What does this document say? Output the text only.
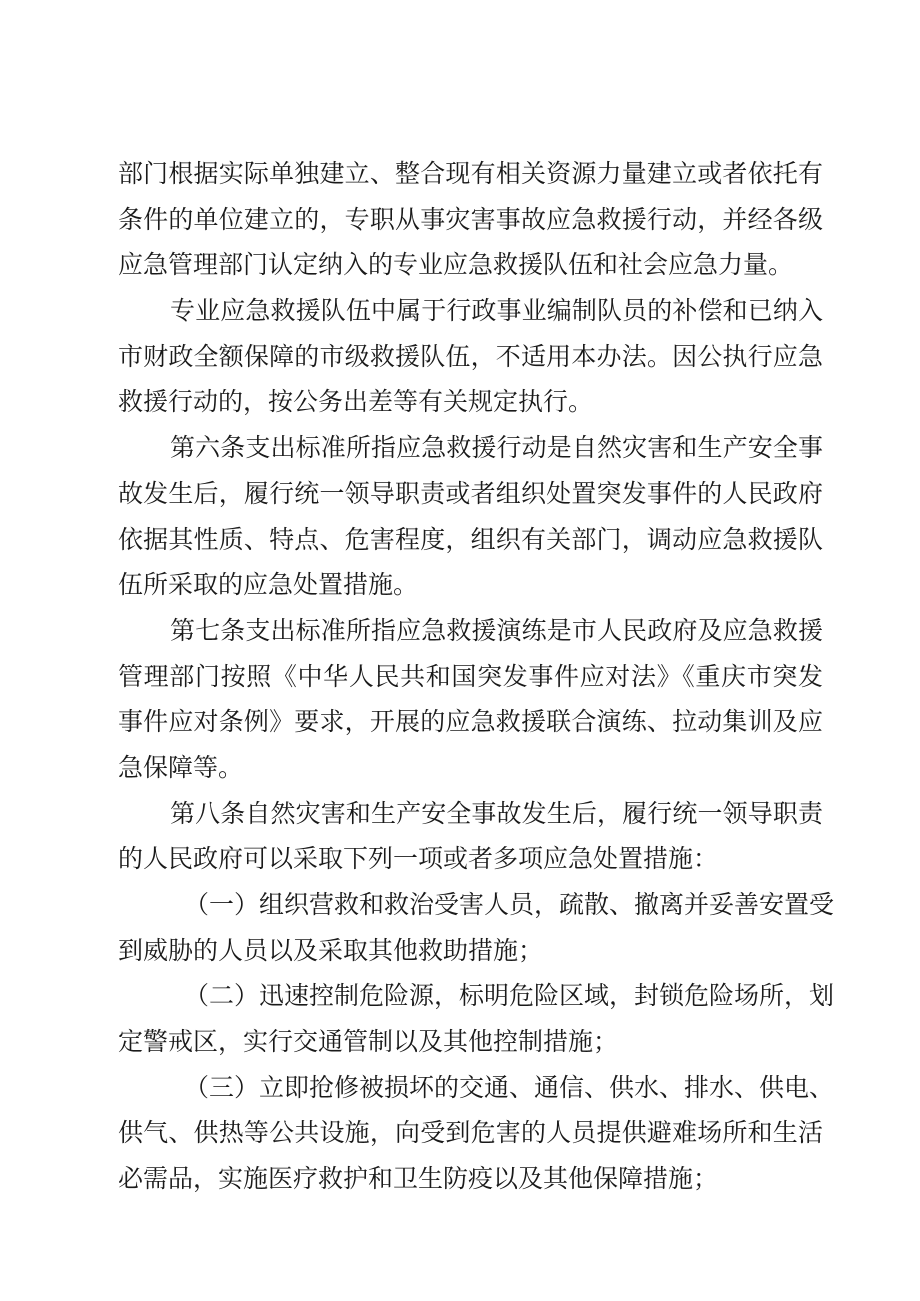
部门根据实际单独建立、整合现有相关资源力量建立或者依托有
条件的单位建立的，专职从事灾害事故应急救援行动，并经各级
应急管理部门认定纳入的专业应急救援队伍和社会应急力量。
专业应急救援队伍中属于行政事业编制队员的补偿和已纳入
市财政全额保障的市级救援队伍，不适用本办法。因公执行应急
救援行动的，按公务出差等有关规定执行。
第六条支出标准所指应急救援行动是自然灾害和生产安全事
故发生后，履行统一领导职责或者组织处置突发事件的人民政府
依据其性质、特点、危害程度，组织有关部门，调动应急救援队
伍所采取的应急处置措施。
第七条支出标准所指应急救援演练是市人民政府及应急救援
管理部门按照《中华人民共和国突发事件应对法》《重庆市突发
事件应对条例》要求，开展的应急救援联合演练、拉动集训及应
急保障等。
第八条自然灾害和生产安全事故发生后，履行统一领导职责
的人民政府可以采取下列一项或者多项应急处置措施：
（一）组织营救和救治受害人员，疏散、撤离并妥善安置受
到威胁的人员以及采取其他救助措施；
（二）迅速控制危险源，标明危险区域，封锁危险场所，划
定警戒区，实行交通管制以及其他控制措施；
（三）立即抢修被损坏的交通、通信、供水、排水、供电、
供气、供热等公共设施，向受到危害的人员提供避难场所和生活
必需品，实施医疗救护和卫生防疫以及其他保障措施；
